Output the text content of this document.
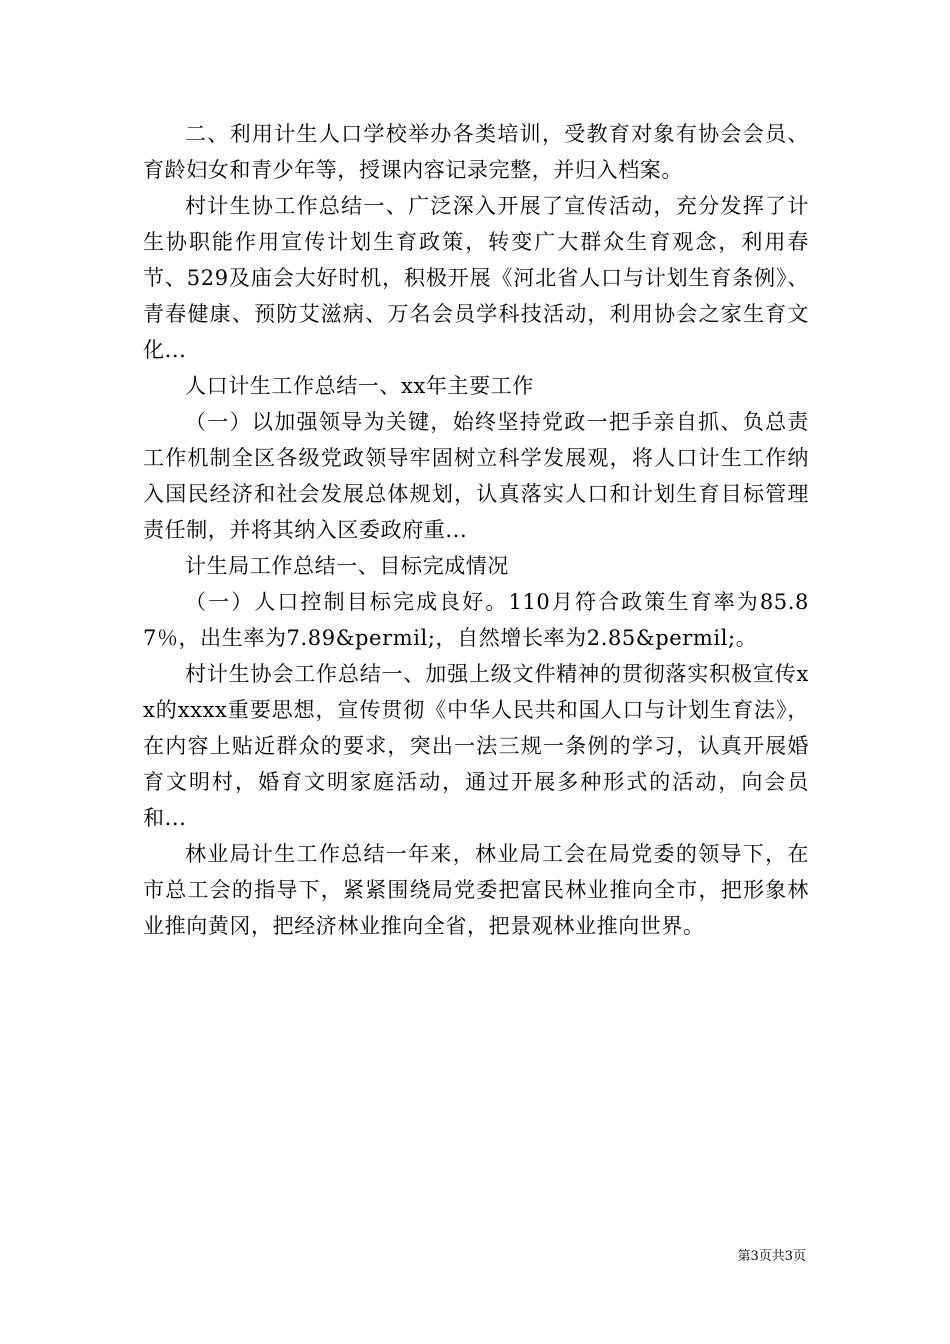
二、利用计生人口学校举办各类培训，受教育对象有协会会员、育龄妇女和青少年等，授课内容记录完整，并归入档案。

村计生协工作总结一、广泛深入开展了宣传活动，充分发挥了计生协职能作用宣传计划生育政策，转变广大群众生育观念，利用春节、529及庙会大好时机，积极开展《河北省人口与计划生育条例》、青春健康、预防艾滋病、万名会员学科技活动，利用协会之家生育文化...

人口计生工作总结一、xx年主要工作

（一）以加强领导为关键，始终坚持党政一把手亲自抓、负总责工作机制全区各级党政领导牢固树立科学发展观，将人口计生工作纳入国民经济和社会发展总体规划，认真落实人口和计划生育目标管理责任制，并将其纳入区委政府重...

计生局工作总结一、目标完成情况

（一）人口控制目标完成良好。110月符合政策生育率为85.87％，出生率为7.89&permil;，自然增长率为2.85&permil;。

村计生协会工作总结一、加强上级文件精神的贯彻落实积极宣传xx的xxxx重要思想，宣传贯彻《中华人民共和国人口与计划生育法》，在内容上贴近群众的要求，突出一法三规一条例的学习，认真开展婚育文明村，婚育文明家庭活动，通过开展多种形式的活动，向会员和...

林业局计生工作总结一年来，林业局工会在局党委的领导下，在市总工会的指导下，紧紧围绕局党委把富民林业推向全市，把形象林业推向黄冈，把经济林业推向全省，把景观林业推向世界。

第3页共3页
